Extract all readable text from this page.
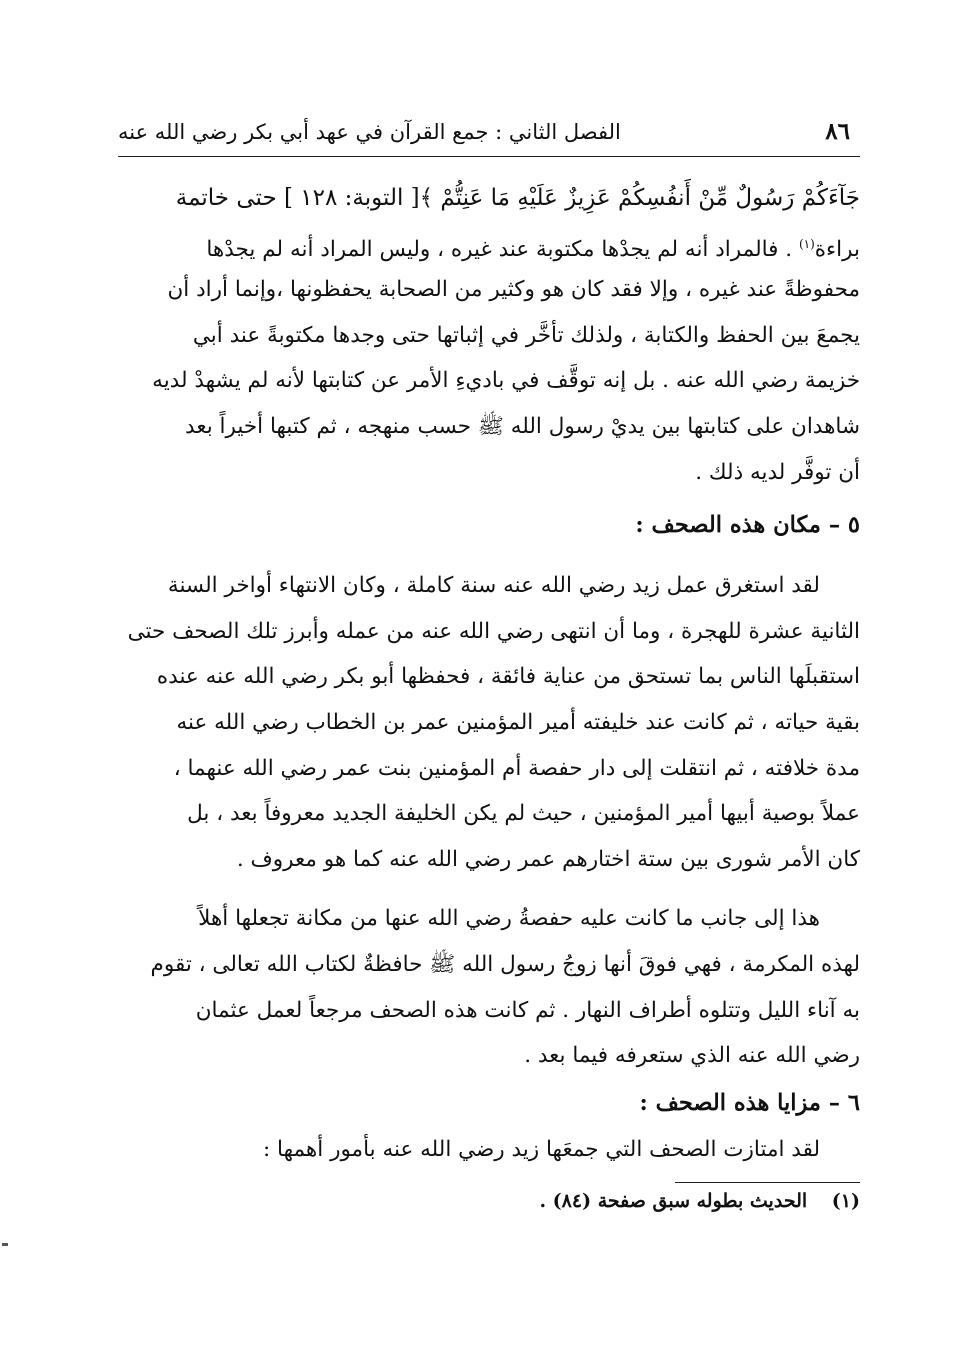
الفصل الثاني : جمع القرآن في عهد أبي بكر رضي الله عنه	٨٦
جَآءَكُمْ رَسُولٌ مِّنْ أَنفُسِكُمْ عَزِيزٌ عَلَيْهِ مَا عَنِتُّمْ ﴾[ التوبة: ١٢٨ ] حتى خاتمة
براءة$^{(١)}$ . فالمراد أنه لم يجدْها مكتوبة عند غيره ، وليس المراد أنه لم يجدْها
محفوظةً عند غيره ، وإلا فقد كان هو وكثير من الصحابة يحفظونها ،وإنما أراد أن
يجمعَ بين الحفظ والكتابة ، ولذلك تأخَّر في إثباتها حتى وجدها مكتوبةً عند أبي
خزيمة رضي الله عنه . بل إنه توقَّف في باديءِ الأمر عن كتابتها لأنه لم يشهدْ لديه
شاهدان على كتابتها بين يديْ رسول الله ﷺ حسب منهجه ، ثم كتبها أخيراً بعد
أن توفَّر لديه ذلك .
٥ – مكان هذه الصحف :
لقد استغرق عمل زيد رضي الله عنه سنة كاملة ، وكان الانتهاء أواخر السنة
الثانية عشرة للهجرة ، وما أن انتهى رضي الله عنه من عمله وأبرز تلك الصحف حتى
استقبلَها الناس بما تستحق من عناية فائقة ، فحفظها أبو بكر رضي الله عنه عنده
بقية حياته ، ثم كانت عند خليفته أمير المؤمنين عمر بن الخطاب رضي الله عنه
مدة خلافته ، ثم انتقلت إلى دار حفصة أم المؤمنين بنت عمر رضي الله عنهما ،
عملاً بوصية أبيها أمير المؤمنين ، حيث لم يكن الخليفة الجديد معروفاً بعد ، بل
كان الأمر شورى بين ستة اختارهم عمر رضي الله عنه كما هو معروف .
هذا إلى جانب ما كانت عليه حفصةُ رضي الله عنها من مكانة تجعلها أهلاً
لهذه المكرمة ، فهي فوقَ أنها زوجُ رسول الله ﷺ حافظةٌ لكتاب الله تعالى ، تقوم
به آناء الليل وتتلوه أطراف النهار . ثم كانت هذه الصحف مرجعاً لعمل عثمان
رضي الله عنه الذي ستعرفه فيما بعد .
٦ – مزايا هذه الصحف :
لقد امتازت الصحف التي جمعَها زيد رضي الله عنه بأمور أهمها :
(١) الحديث بطوله سبق صفحة (٨٤) .
